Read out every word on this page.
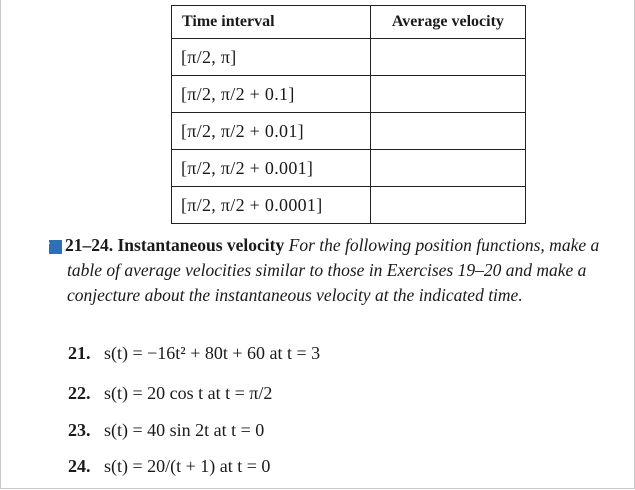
Time interval	Average velocity
[π/2, π]	
[π/2, π/2 + 0.1]	
[π/2, π/2 + 0.01]	
[π/2, π/2 + 0.001]	
[π/2, π/2 + 0.0001]	
T 21–24. Instantaneous velocity For the following position functions, make a table of average velocities similar to those in Exercises 19–20 and make a conjecture about the instantaneous velocity at the indicated time.
21. s(t) = −16t² + 80t + 60 at t = 3
22. s(t) = 20 cos t at t = π/2
23. s(t) = 40 sin 2t at t = 0
24. s(t) = 20/(t + 1) at t = 0
